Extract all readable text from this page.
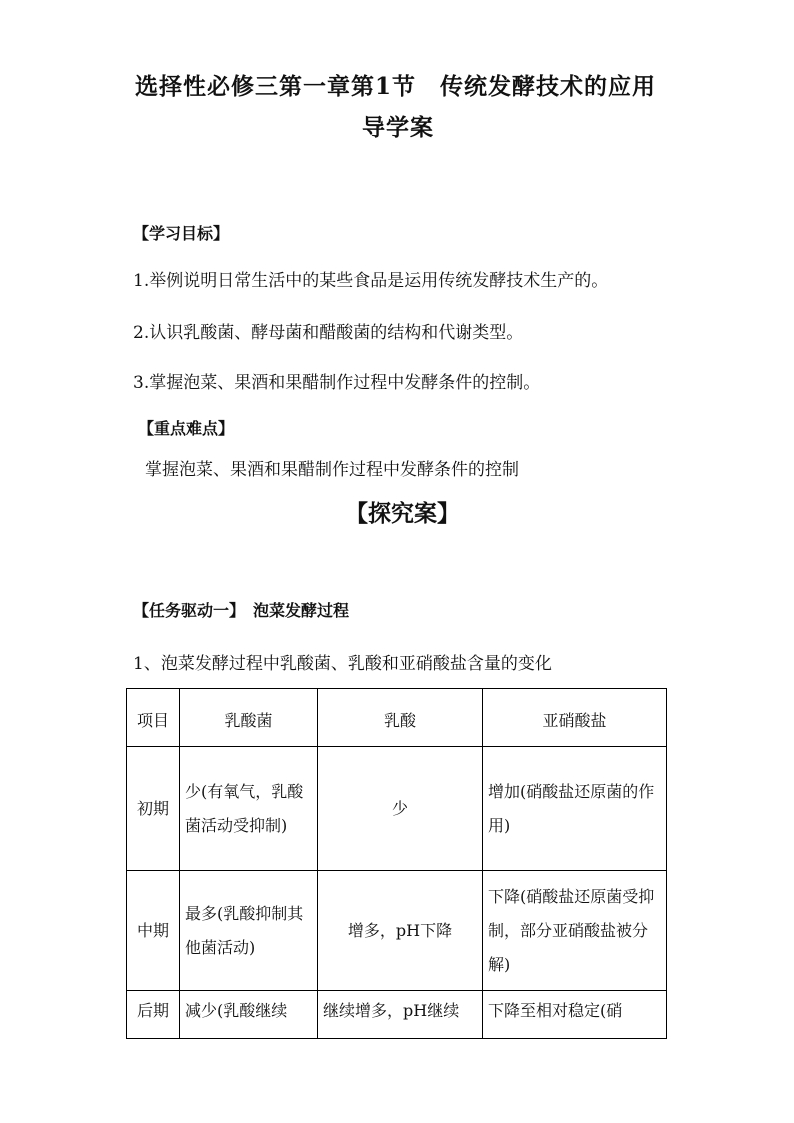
选择性必修三第一章第1节　传统发酵技术的应用
导学案
【学习目标】
1.举例说明日常生活中的某些食品是运用传统发酵技术生产的。
2.认识乳酸菌、酵母菌和醋酸菌的结构和代谢类型。
3.掌握泡菜、果酒和果醋制作过程中发酵条件的控制。
【重点难点】
掌握泡菜、果酒和果醋制作过程中发酵条件的控制
【探究案】
【任务驱动一】　泡菜发酵过程
1、泡菜发酵过程中乳酸菌、乳酸和亚硝酸盐含量的变化
项目	乳酸菌	乳酸	亚硝酸盐
初期	少(有氧气，乳酸菌活动受抑制)	少	增加(硝酸盐还原菌的作用)
中期	最多(乳酸抑制其他菌活动)	增多，pH下降	下降(硝酸盐还原菌受抑制，部分亚硝酸盐被分解)

后期	减少(乳酸继续	继续增多，pH继续	下降至相对稳定(硝
